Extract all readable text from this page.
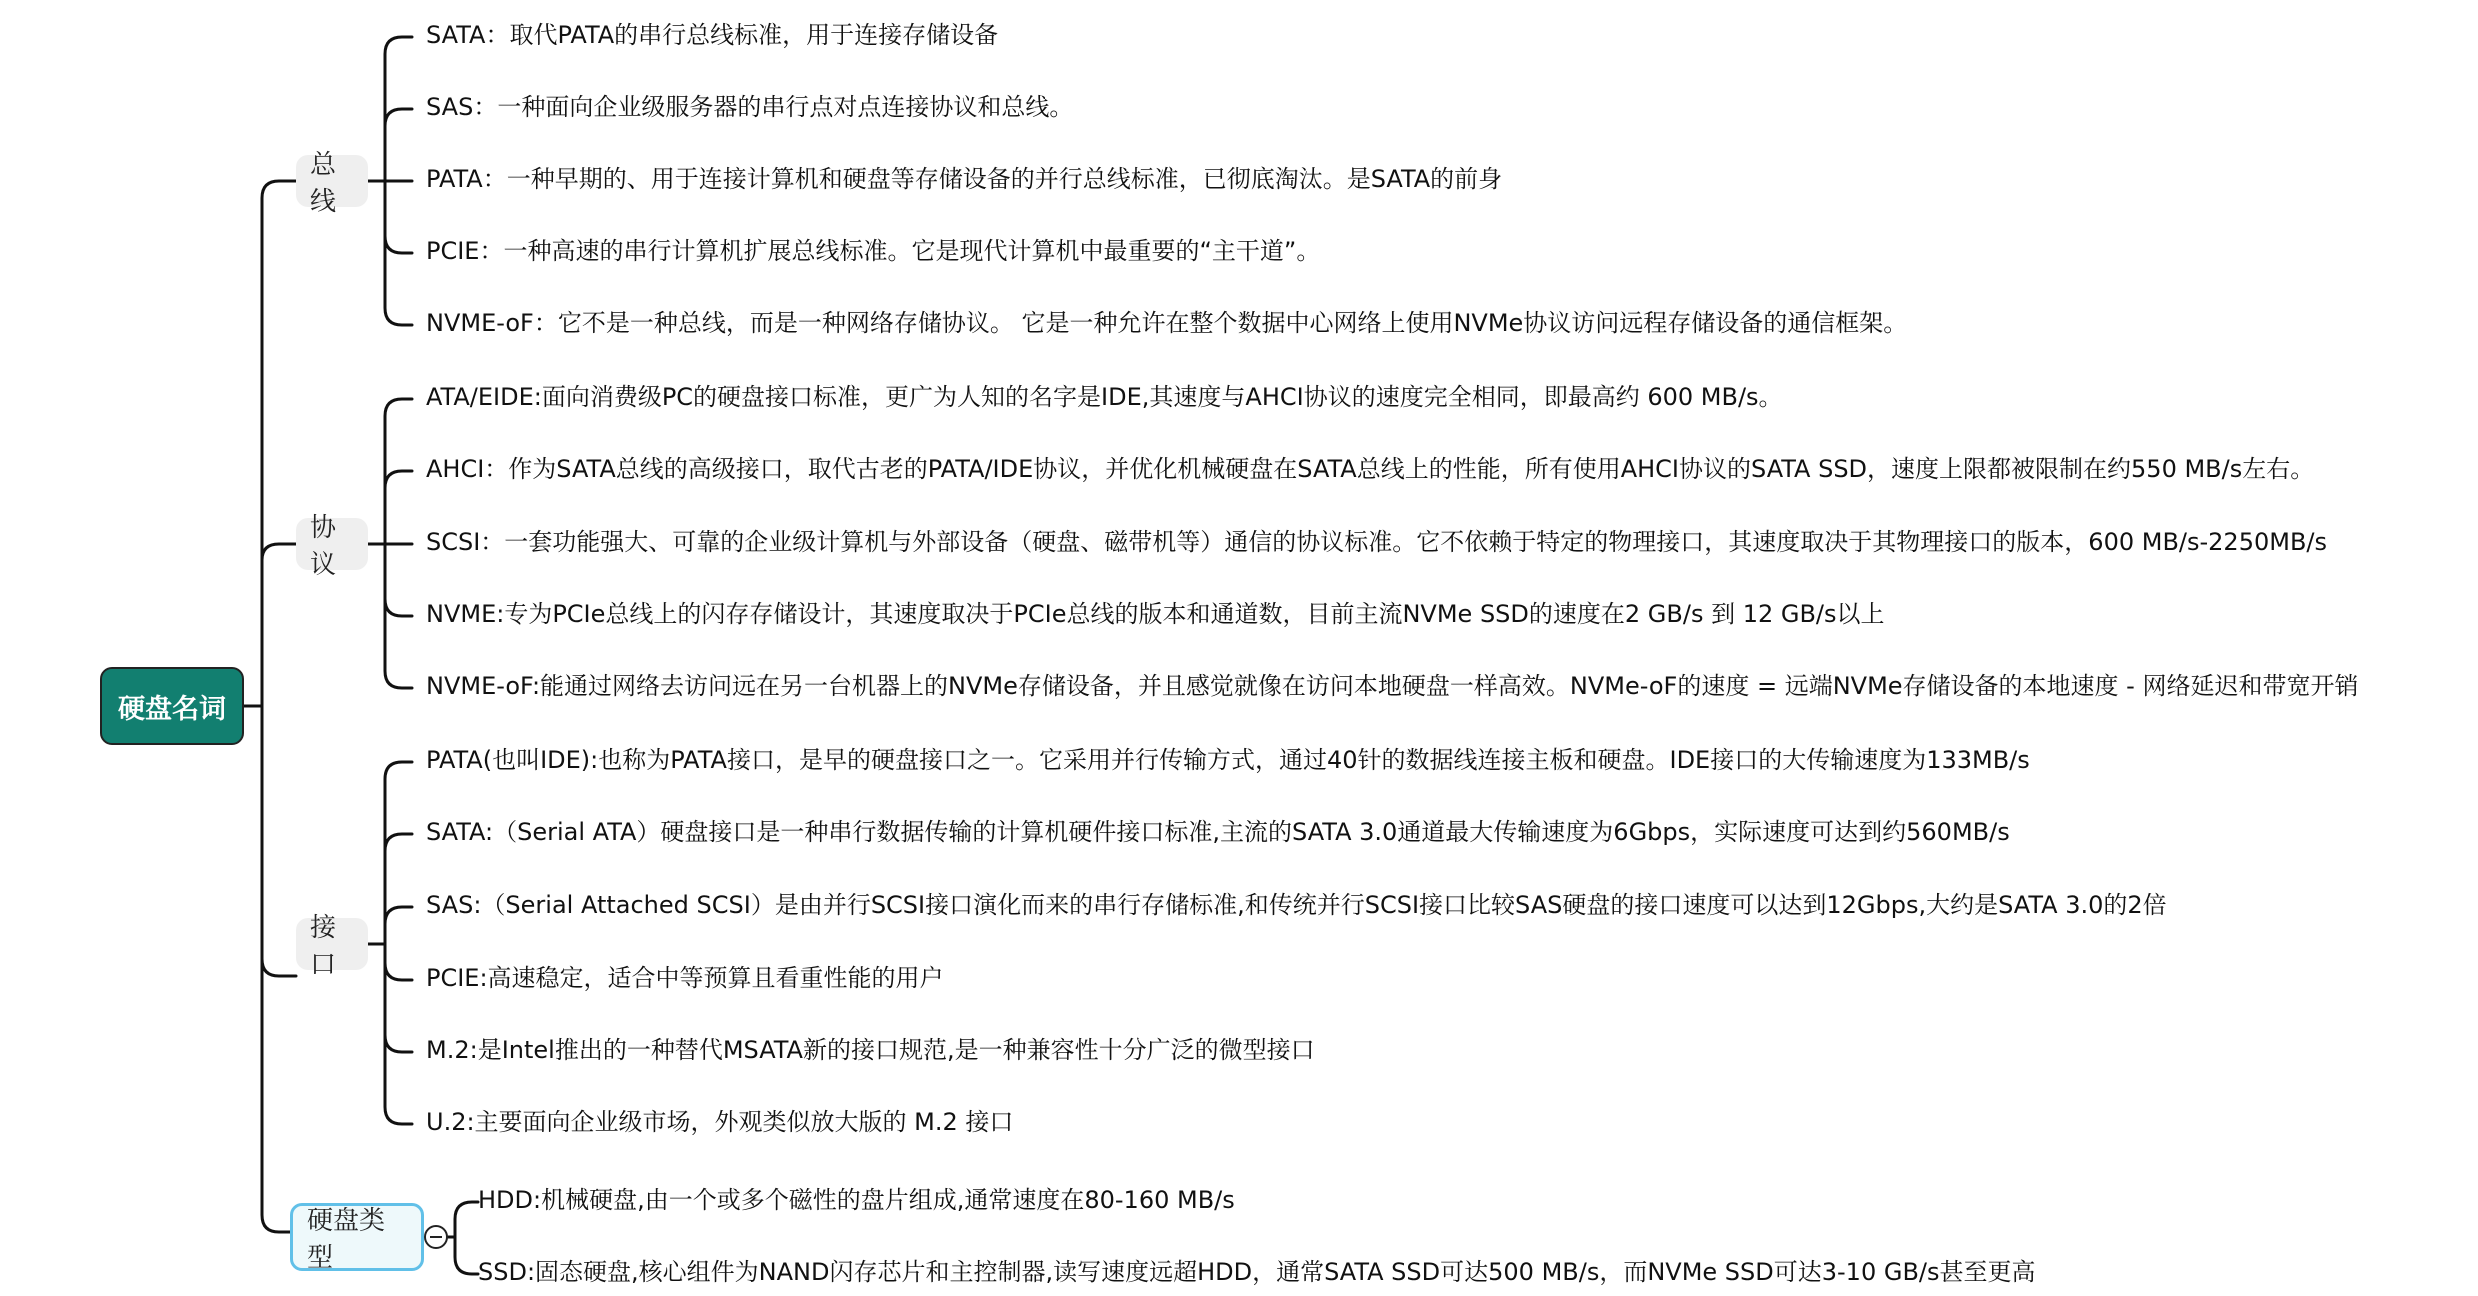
硬盘名词
总线
SATA：取代PATA的串行总线标准，用于连接存储设备
SAS：一种面向企业级服务器的串行点对点连接协议和总线。
PATA：一种早期的、用于连接计算机和硬盘等存储设备的并行总线标准，已彻底淘汰。是SATA的前身
PCIE：一种高速的串行计算机扩展总线标准。它是现代计算机中最重要的“主干道”。
NVME-oF：它不是一种总线，而是一种网络存储协议。 它是一种允许在整个数据中心网络上使用NVMe协议访问远程存储设备的通信框架。
协议
ATA/EIDE:面向消费级PC的硬盘接口标准，更广为人知的名字是IDE,其速度与AHCI协议的速度完全相同，即最高约 600 MB/s。
AHCI：作为SATA总线的高级接口，取代古老的PATA/IDE协议，并优化机械硬盘在SATA总线上的性能，所有使用AHCI协议的SATA SSD，速度上限都被限制在约550 MB/s左右。
SCSI：一套功能强大、可靠的企业级计算机与外部设备（硬盘、磁带机等）通信的协议标准。它不依赖于特定的物理接口，其速度取决于其物理接口的版本，600 MB/s-2250MB/s
NVME:专为PCIe总线上的闪存存储设计，其速度取决于PCIe总线的版本和通道数，目前主流NVMe SSD的速度在2 GB/s 到 12 GB/s以上
NVME-oF:能通过网络去访问远在另一台机器上的NVMe存储设备，并且感觉就像在访问本地硬盘一样高效。NVMe-oF的速度 = 远端NVMe存储设备的本地速度 - 网络延迟和带宽开销
接口
PATA(也叫IDE):也称为PATA接口，是早的硬盘接口之一。它采用并行传输方式，通过40针的数据线连接主板和硬盘。IDE接口的大传输速度为133MB/s
SATA:（Serial ATA）硬盘接口是一种串行数据传输的计算机硬件接口标准,主流的SATA 3.0通道最大传输速度为6Gbps，实际速度可达到约560MB/s
SAS:（Serial Attached SCSI）是由并行SCSI接口演化而来的串行存储标准,和传统并行SCSI接口比较SAS硬盘的接口速度可以达到12Gbps,大约是SATA 3.0的2倍
PCIE:高速稳定，适合中等预算且看重性能的用户
M.2:是Intel推出的一种替代MSATA新的接口规范,是一种兼容性十分广泛的微型接口
U.2:主要面向企业级市场，外观类似放大版的 M.2 接口
硬盘类型
HDD:机械硬盘,由一个或多个磁性的盘片组成,通常速度在80-160 MB/s
SSD:固态硬盘,核心组件为NAND闪存芯片和主控制器,读写速度远超HDD，通常SATA SSD可达500 MB/s，而NVMe SSD可达3-10 GB/s甚至更高
